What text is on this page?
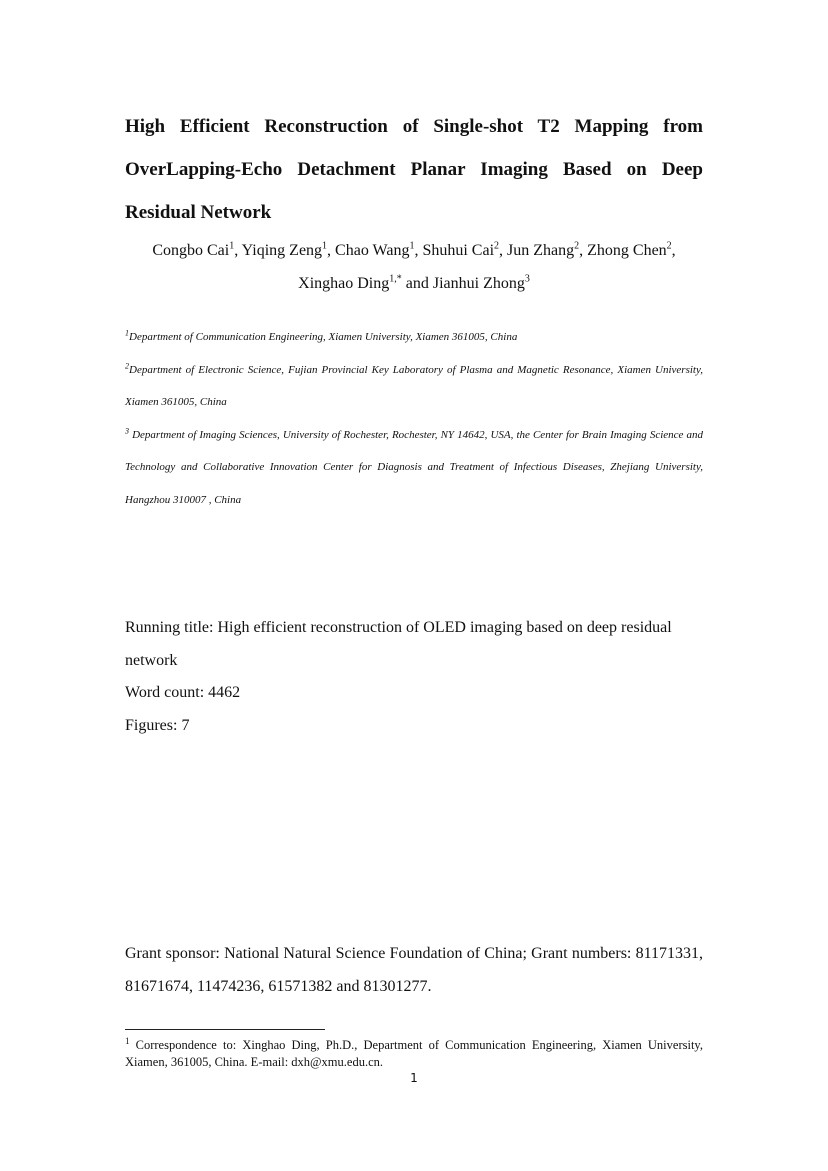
High Efficient Reconstruction of Single-shot T2 Mapping from OverLapping-Echo Detachment Planar Imaging Based on Deep Residual Network

Congbo Cai$^1$, Yiqing Zeng$^1$, Chao Wang$^1$, Shuhui Cai$^2$, Jun Zhang$^2$, Zhong Chen$^2$,
Xinghao Ding$^{1,*}$ and Jianhui Zhong$^3$

$^1$Department of Communication Engineering, Xiamen University, Xiamen 361005, China

$^2$Department of Electronic Science, Fujian Provincial Key Laboratory of Plasma and Magnetic Resonance, Xiamen University, Xiamen 361005, China

$^3$ Department of Imaging Sciences, University of Rochester, Rochester, NY 14642, USA, the Center for Brain Imaging Science and Technology and Collaborative Innovation Center for Diagnosis and Treatment of Infectious Diseases, Zhejiang University, Hangzhou 310007 , China

Running title: High efficient reconstruction of OLED imaging based on deep residual network

Word count: 4462

Figures: 7

Grant sponsor: National Natural Science Foundation of China; Grant numbers: 81171331, 81671674, 11474236, 61571382 and 81301277.

$^1$ Correspondence to: Xinghao Ding, Ph.D., Department of Communication Engineering, Xiamen University, Xiamen, 361005, China. E-mail: dxh@xmu.edu.cn.

1
